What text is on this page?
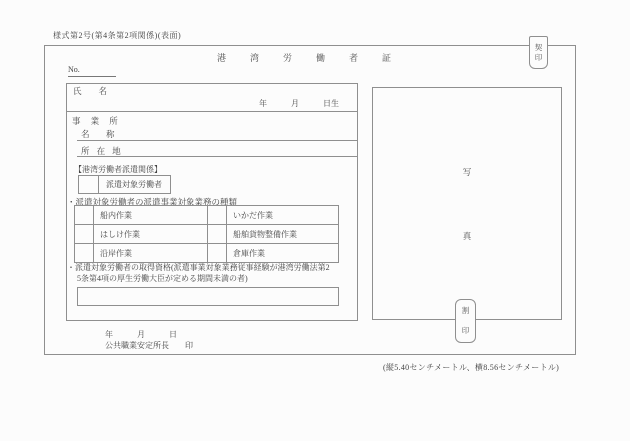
様式第2号(第4条第2項関係)(表面)
港湾労働者証
No.
契
印
氏　　名
年　　　月　　　日生
事 業 所
名　称
所 在 地
【港湾労働者派遣関係】
派遣対象労働者
・派遣対象労働者の派遣事業対象業務の種類
	船内作業		いかだ作業
	はしけ作業		船舶貨物整備作業
	沿岸作業		倉庫作業
・派遣対象労働者の取得資格(派遣事業対象業務従事経験が港湾労働法第2
5条第4項の厚生労働大臣が定める期間未満の者)
写
真
割
印
年　　　月　　　日
公共職業安定所長　　印
(縦5.40センチメートル、横8.56センチメートル)
